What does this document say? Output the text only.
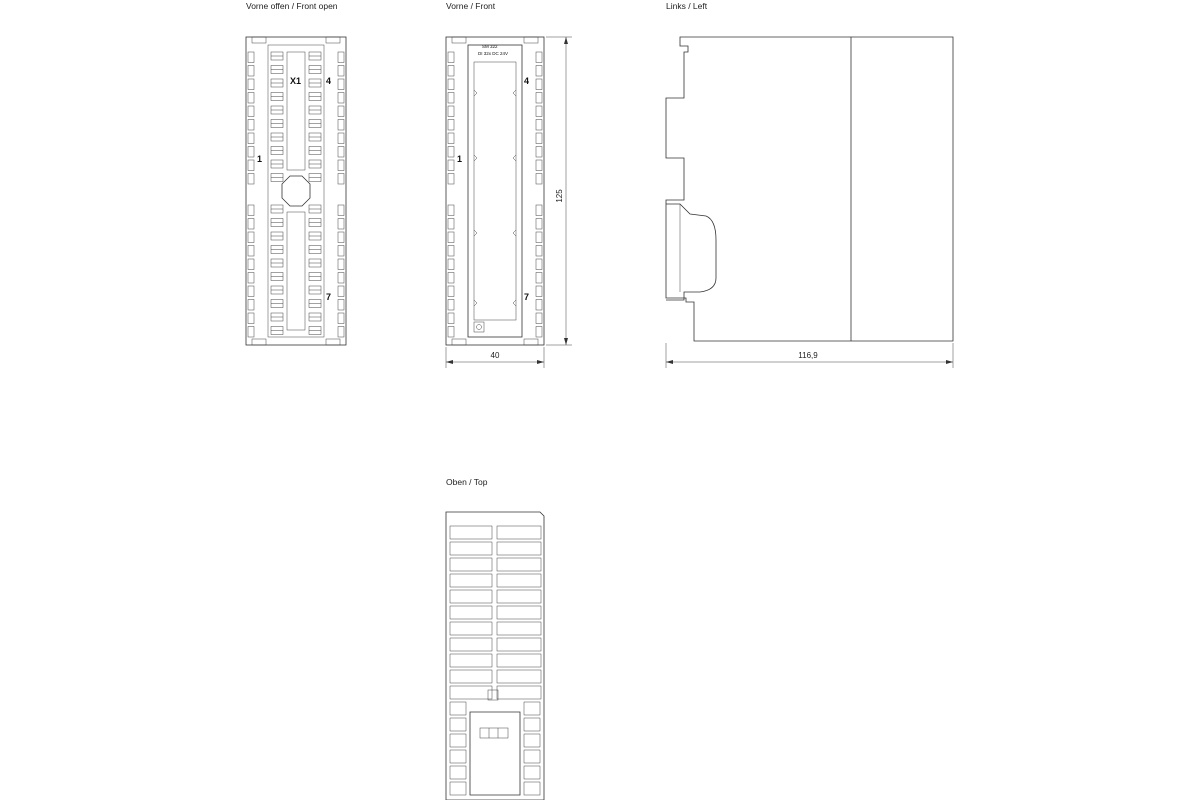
Vorne offen / Front open
X1
1
4
7
Vorne / Front
SM 322
DI 32x DC 24V
1
4
7
125
40
Links / Left
116,9
Oben / Top
